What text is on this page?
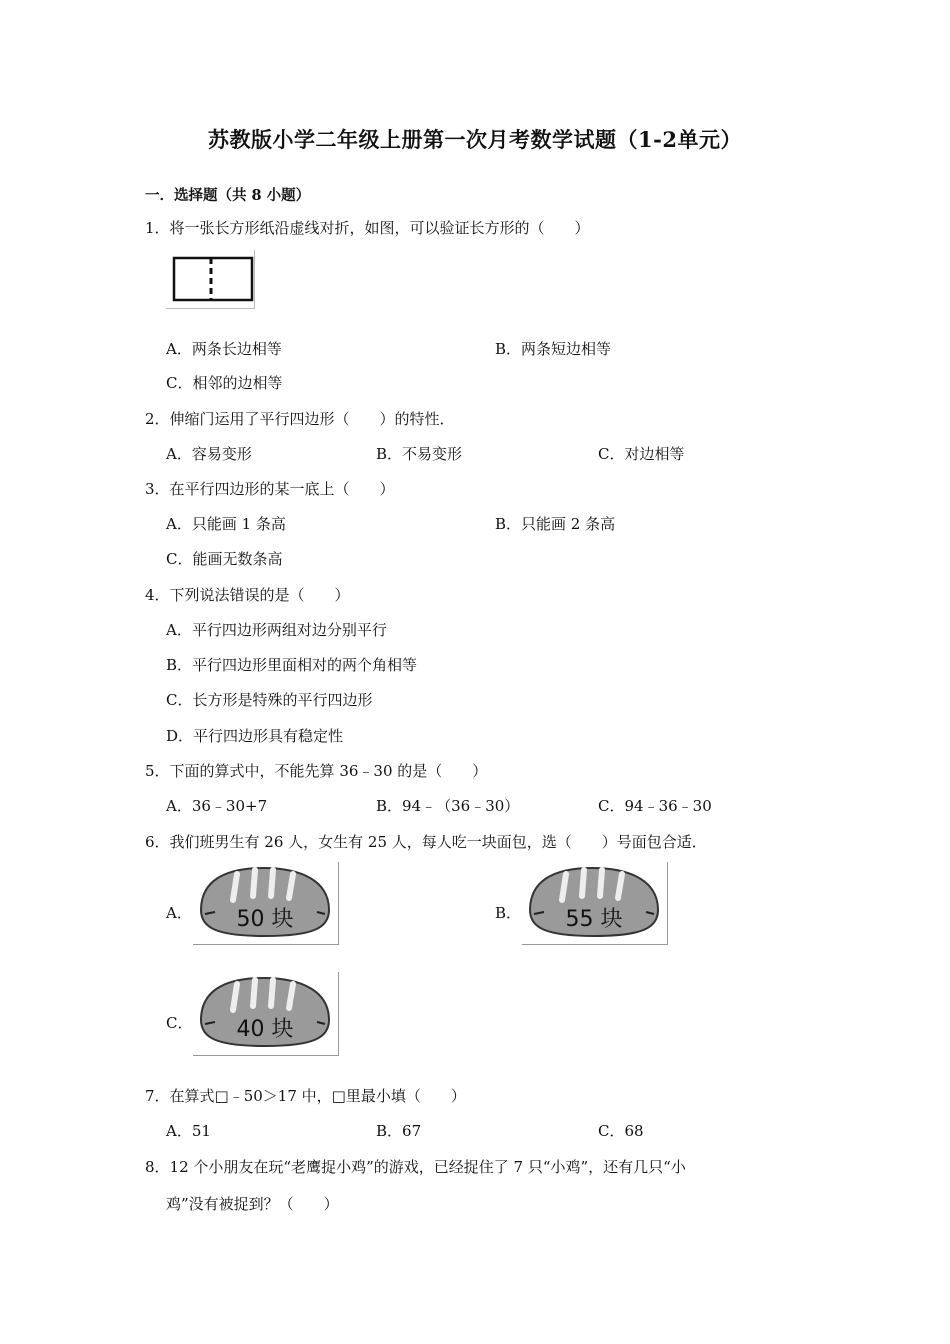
苏教版小学二年级上册第一次月考数学试题（1-2单元）
一．选择题（共 8 小题）
1．将一张长方形纸沿虚线对折，如图，可以验证长方形的（　　）
A．两条长边相等	B．两条短边相等
C．相邻的边相等
2．伸缩门运用了平行四边形（　　）的特性．
A．容易变形	B．不易变形	C．对边相等
3．在平行四边形的某一底上（　　）
A．只能画 1 条高	B．只能画 2 条高
C．能画无数条高
4．下列说法错误的是（　　）
A．平行四边形两组对边分别平行
B．平行四边形里面相对的两个角相等
C．长方形是特殊的平行四边形
D．平行四边形具有稳定性
5．下面的算式中，不能先算 36﹣30 的是（　　）
A．36﹣30+7	B．94﹣（36﹣30）	C．94﹣36﹣30
6．我们班男生有 26 人，女生有 25 人，每人吃一块面包，选（　　）号面包合适．
A． 50 块	B． 55 块
C． 40 块
7．在算式□﹣50＞17 中，□里最小填（　　）
A．51	B．67	C．68
8．12 个小朋友在玩“老鹰捉小鸡”的游戏，已经捉住了 7 只“小鸡”，还有几只“小
鸡”没有被捉到？（　　）
